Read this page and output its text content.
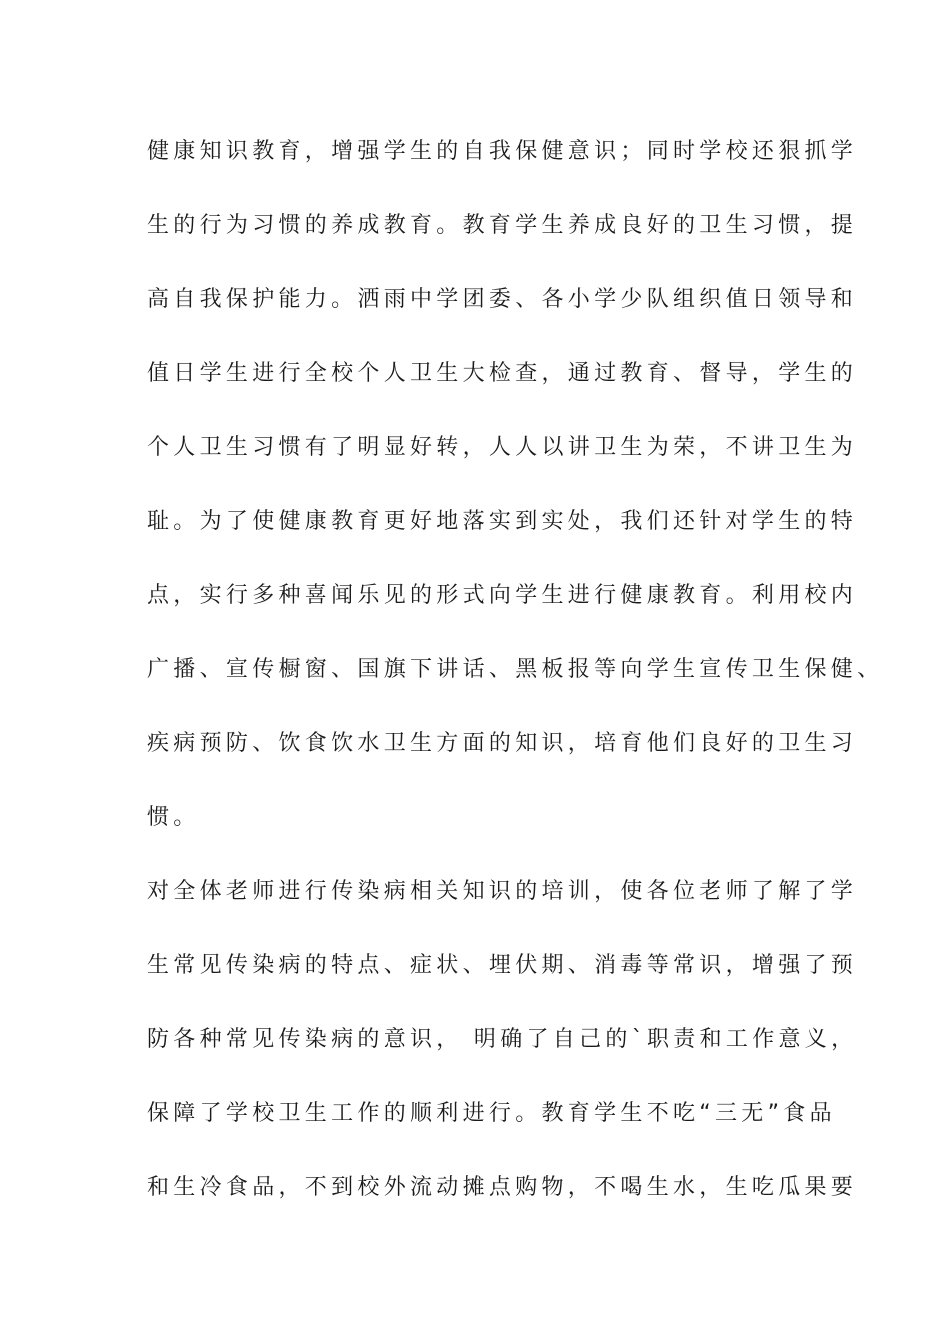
健康知识教育，增强学生的自我保健意识；同时学校还狠抓学
生的行为习惯的养成教育。教育学生养成良好的卫生习惯，提
高自我保护能力。洒雨中学团委、各小学少队组织值日领导和
值日学生进行全校个人卫生大检查，通过教育、督导，学生的
个人卫生习惯有了明显好转，人人以讲卫生为荣，不讲卫生为
耻。为了使健康教育更好地落实到实处，我们还针对学生的特
点，实行多种喜闻乐见的形式向学生进行健康教育。利用校内
广播、宣传橱窗、国旗下讲话、黑板报等向学生宣传卫生保健、
疾病预防、饮食饮水卫生方面的知识，培育他们良好的卫生习
惯。
对全体老师进行传染病相关知识的培训，使各位老师了解了学
生常见传染病的特点、症状、埋伏期、消毒等常识，增强了预
防各种常见传染病的意识， 明确了自己的`职责和工作意义，
保障了学校卫生工作的顺利进行。教育学生不吃“三无”食品
和生冷食品，不到校外流动摊点购物，不喝生水，生吃瓜果要
